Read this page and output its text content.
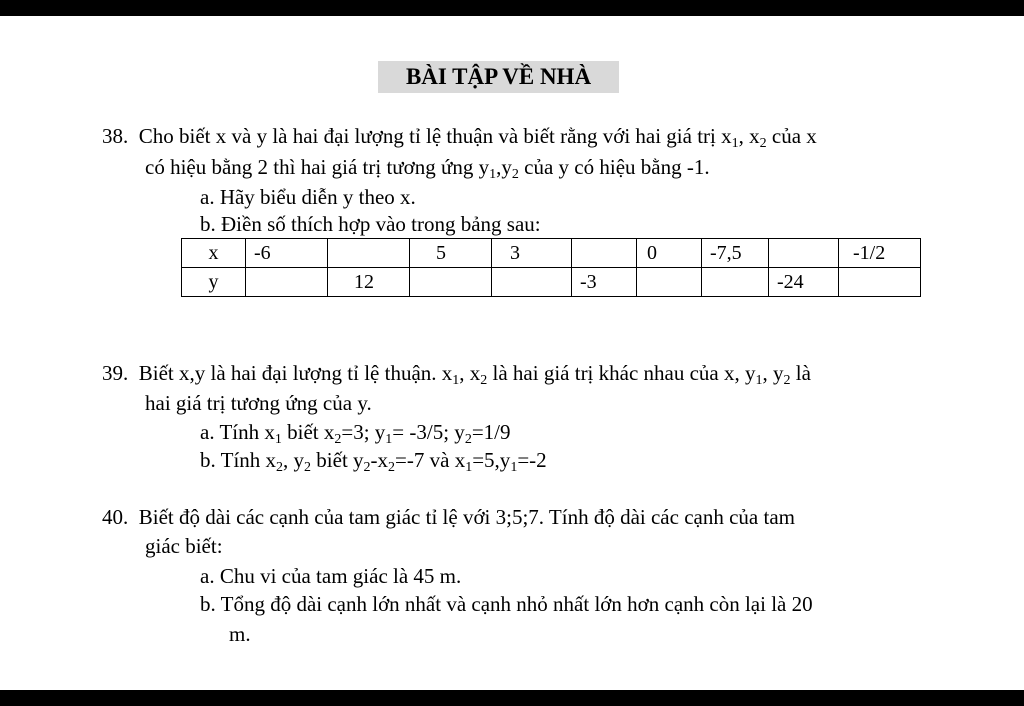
BÀI TẬP VỀ NHÀ
38. Cho biết x và y là hai đại lượng tỉ lệ thuận và biết rằng với hai giá trị $x_1$, $x_2$ của x
có hiệu bằng 2 thì hai giá trị tương ứng $y_1,y_2$ của y có hiệu bằng -1.
a. Hãy biểu diễn y theo x.
b. Điền số thích hợp vào trong bảng sau:
x	-6		5	3		0	-7,5		-1/2
y		12			-3			-24	
39. Biết x,y là hai đại lượng tỉ lệ thuận. $x_1$, $x_2$ là hai giá trị khác nhau của x, $y_1$, $y_2$ là
hai giá trị tương ứng của y.
a. Tính $x_1$ biết $x_2=3$; $y_1= -3/5$; $y_2=1/9$
b. Tính $x_2$, $y_2$ biết $y_2-x_2=-7$ và $x_1=5,y_1=-2$
40. Biết độ dài các cạnh của tam giác tỉ lệ với 3;5;7. Tính độ dài các cạnh của tam
giác biết:
a. Chu vi của tam giác là 45 m.
b. Tổng độ dài cạnh lớn nhất và cạnh nhỏ nhất lớn hơn cạnh còn lại là 20
m.
